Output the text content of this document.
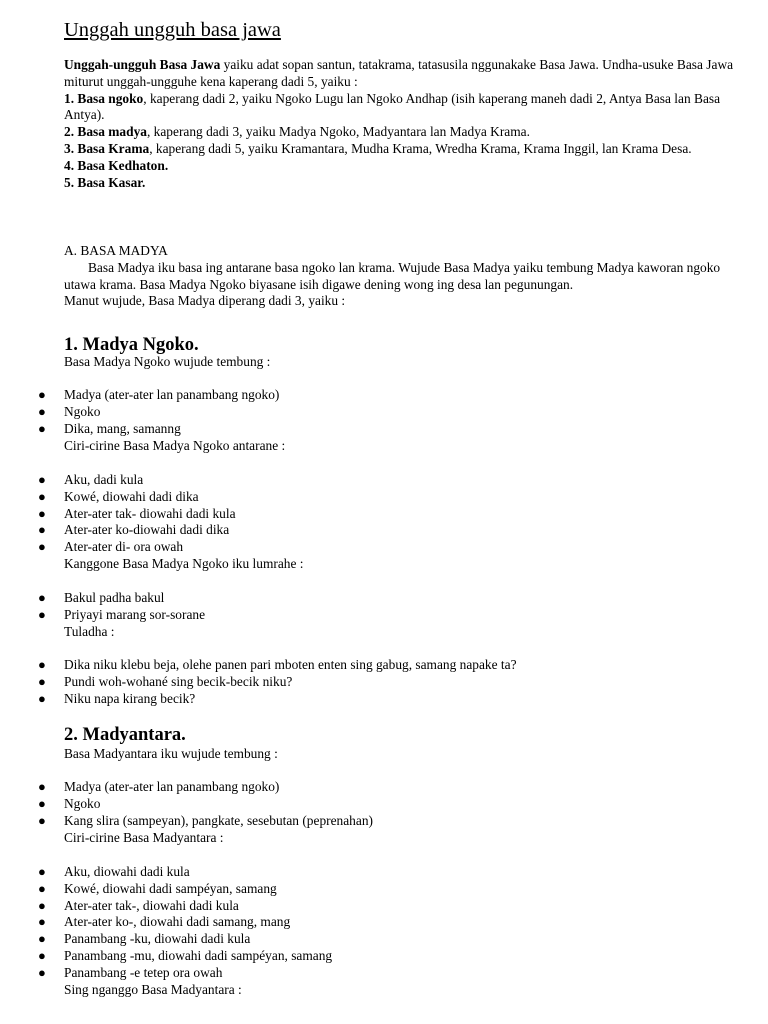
Unggah ungguh basa jawa

Unggah-ungguh Basa Jawa yaiku adat sopan santun, tatakrama, tatasusila nggunakake Basa Jawa. Undha-usuke Basa Jawa miturut unggah-ungguhe kena kaperang dadi 5, yaiku :

1. Basa ngoko, kaperang dadi 2, yaiku Ngoko Lugu lan Ngoko Andhap (isih kaperang maneh dadi 2, Antya Basa lan Basa Antya).

2. Basa madya, kaperang dadi 3, yaiku Madya Ngoko, Madyantara lan Madya Krama.

3. Basa Krama, kaperang dadi 5, yaiku Kramantara, Mudha Krama, Wredha Krama, Krama Inggil, lan Krama Desa.

4. Basa Kedhaton.

5. Basa Kasar.

A. BASA MADYA

Basa Madya iku basa ing antarane basa ngoko lan krama. Wujude Basa Madya yaiku tembung Madya kaworan ngoko utawa krama. Basa Madya Ngoko biyasane isih digawe dening wong ing desa lan pegunungan.

Manut wujude, Basa Madya diperang dadi 3, yaiku :

1. Madya Ngoko.
Basa Madya Ngoko wujude tembung :
● Madya (ater-ater lan panambang ngoko)
● Ngoko
● Dika, mang, samanng
Ciri-cirine Basa Madya Ngoko antarane :
● Aku, dadi kula
● Kowé, diowahi dadi dika
● Ater-ater tak- diowahi dadi kula
● Ater-ater ko-diowahi dadi dika
● Ater-ater di- ora owah
Kanggone Basa Madya Ngoko iku lumrahe :
● Bakul padha bakul
● Priyayi marang sor-sorane
Tuladha :
● Dika niku klebu beja, olehe panen pari mboten enten sing gabug, samang napake ta?
● Pundi woh-wohané sing becik-becik niku?
● Niku napa kirang becik?
2. Madyantara.
Basa Madyantara iku wujude tembung :
● Madya (ater-ater lan panambang ngoko)
● Ngoko
● Kang slira (sampeyan), pangkate, sesebutan (peprenahan)
Ciri-cirine Basa Madyantara :
● Aku, diowahi dadi kula
● Kowé, diowahi dadi sampéyan, samang
● Ater-ater tak-, diowahi dadi kula
● Ater-ater ko-, diowahi dadi samang, mang
● Panambang -ku, diowahi dadi kula
● Panambang -mu, diowahi dadi sampéyan, samang
● Panambang -e tetep ora owah
Sing nganggo Basa Madyantara :
